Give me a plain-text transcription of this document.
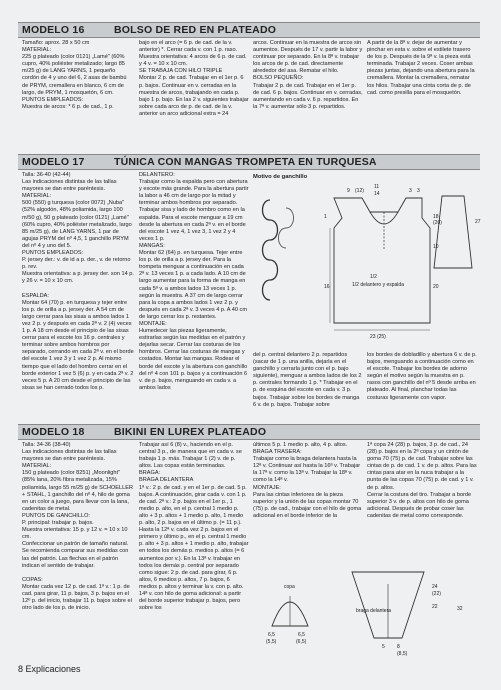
MODELO 16	BOLSO DE RED EN PLATEADO
Tamaño: aprox. 28 x 50 cm
MATERIAL:
225 g plateado (color 0121) „Lamé" (60% cupro, 40% poliéster metalizado; largo 85 m/25 g) de LANG YARNS, 1 pequeño cordón de 4 y uno del 6, 2 asas de bambú de PRYM, cremallera en blanco, 6 cm de largo, de PRYM, 1 mosquetón, 6 cm.
PUNTOS EMPLEADOS:
Muestra de arcos: * 6 p. de cad., 1 p.
bajo en el arco (= 6 p. de cad. de la v. anterior) *. Cerrar cada v. con 1 p. raso.
Muestra orientativa: 4 arcos de 6 p. de cad. y 4 v. = 10 x 10 cm.
SE TRABAJA CON HILO TRIPLE
Montar 2 p. de cad. Trabajar en el 1er p. 6 p. bajos. Continuar en v. cerradas en la muestra de arcos, trabajando en cada p. bajo 1 p. bajo. En las 2 v. siguientes trabajar sobre cada arco de p. de cad. de la v. anterior un arco adicional extra = 24
arcos. Continuar en la muestra de arcos sin aumentos. Después de 17 v. partir la labor y continuar por separado. En la 8ª v. trabajar los arcos de p. de cad. directamente alrededor del asa. Rematar el hilo.
BOLSO PEQUEÑO:
Trabajar 2 p. de cad. Trabajar en el 1er p. de cad. 6 p. bajos. Continuar en v. cerradas, aumentando en cada v. 6 p. repartidos. En la 7ª v. aumentar sólo 3 p. repartidos.
A partir de la 8ª v. dejar de aumentar y pinchar en esta v. sobre el estilete trasero de los p. Después de la 9ª v. la pieza está terminada. Trabajar 2 veces. Coser ambas piezas juntas, dejando una abertura para la cremallera. Montar la cremallera, rematar los hilos. Trabajar una cinta corta de p. de cad. como presilla para el mosquetón.
MODELO 17	TÚNICA CON MANGAS TROMPETA EN TURQUESA
Talla: 36-40 (42-44)
Las indicaciones distintas de las tallas mayores se dan entre paréntesis.
MATERIAL:
500 (550) g turquesa (color 0072) „Nuba" (52% algodón, 48% poliamida, largo 100 m/50 g), 50 g plateado (color 0121) „Lamé" (60% cupro, 40% poliéster metalizado, largo 85 m/25 g), de LANG YARNS, 1 par de agujas PRYM del nº 4,5, 1 ganchillo PRYM del nº 4 y uno del 5.
PUNTOS EMPLEADOS:
P. jersey der.: v. de id a p. der., v. de retorno p. rev.
Muestra orientativa: a p. jersey der. son 14 p. y 26 v. = 10 x 10 cm.

ESPALDA:
Montar 64 (70) p. en turquesa y tejer entre los p. de orilla a p. jersey der. A 54 cm de largo cerrar para las sisas a ambos lados 1 vez 2 p. y después en cada 2ª v. 2 (4) veces 1 p. A 18 cm desde el principio de las sisas cerrar para el escote los 16 p. centrales y terminar sobre ambos hombros por separado, cerrando en cada 2ª v. en el borde del escote 1 vez 3 y 1 vez 2 p. Al mismo tiempo que el lado del hombro cerrar en el borde exterior 1 vez 5 (6) p. y en cada 2ª v. 2 veces 5 p. A 20 cm desde el principio de las sisas se han cerrado todos los p.
DELANTERO:
Trabajar como la espalda pero con abertura y escote más grande. Para la abertura partir la labor a 46 cm de largo por la mitad y terminar ambos hombros por separado. Trabajar sisa y lado de hombro como en la espalda. Para el escote menguar a 19 cm desde la abertura en cada 2ª v. en el borde del escote 1 vez 4, 1 vez 3, 1 vez 2 y 4 veces 1 p.
MANGAS:
Montar 62 (64) p. en turquesa. Tejer entre los p. de orilla a p. jersey der. Para la trompeta menguar a continuación en cada 2ª v. 13 veces 1 p. a cada lado. A 10 cm de largo aumentar para la forma de manga en cada 5ª v. a ambos lados 13 veces 1 p. según la muestra. A 37 cm de largo cerrar para la copa a ambos lados 1 vez 2 p. y después en cada 2ª v. 3 veces 4 p. A 40 cm de largo cerrar los p. restantes.
MONTAJE:
Humedecer las piezas ligeramente, estirarlas según las medidas en el patrón y dejarlas secar. Cerrar las costuras de los hombros. Cerrar las costuras de mangas y costados. Montar las mangas. Rodear el borde del escote y la abertura con ganchillo del nº 4 con 101 p. bajos y a continuación 6 v. de p. bajos, menguando en cada v. a ambos lados
Motivo de ganchillo
9 (12)
11
14	3 3
18
(20)	27
10
20
23 (25)
1
16
1/2
1/2 delantero y espalda
del p. central delantero 2 p. repartidos (sacar de 1 p. una anilla, dejarla en el ganchillo y cerrarla junto con el p. bajo siguiente), menguar a ambos lados de los 2 p. centrales formando 1 p. * Trabajar en el p. de esquina del escote en cada v. 3 p. bajos. Trabajar sobre los bordes de manga 6 v. de p. bajos. Trabajar sobre
los bordes de dobladillo y abertura 6 v. de p. bajos, menguando a continuación como en el escote. Trabajar los bordes de adorno según el motivo según la muestra en p. rasos con ganchillo del nº 5 desde arriba en plateado. Al final, planchar todas las costuras ligeramente con vapor.
MODELO 18	BIKINI EN LUREX PLATEADO
Talla: 34-36 (38-40)
Las indicaciones distintas de las tallas mayores se dan entre paréntesis.
MATERIAL:
150 g plateado (color 8251) „Moonlight" (85% lana, 20% fibra metalizada, 15% poliamida, largo 55 m/25 g) de SCHOELLER + STAHL, 1 ganchillo del nº 4, hilo de goma en un color a juego, para llevar con la lana, cadenitas de metal.
PUNTOS DE GANCHILLO:
P. principal: trabajar p. bajos.
Muestra orientativa: 15 p. y 12 v. = 10 x 10 cm.
Confeccionar un patrón de tamaño natural. Se recomienda comparar sus medidas con las del patrón. Las flechas en el patrón indican el sentido de trabajar.

COPAS:
Montar cada vez 12 p. de cad. 1ª v.: 1 p. de cad. para girar, 11 p. bajos, 3 p. bajos en el 12º p. del inicio, trabajar 11 p. bajos sobre el otro lado de los p. de inicio.
Trabajar así 6 (8) v., haciendo en el p. central 3 p., de manera que en cada v. se trabaja 1 p. más. Trabajar 1 (2) v. de p. altos. Las copas están terminadas.
BRAGA:
BRAGA DELANTERA
1ª v.: 2 p. de cad. y en el 1er p. de cad. 5 p. bajos. A continuación, girar cada v. con 1 p. de cad. 2ª v.: 2 p. bajos en el 1er p., 1 medio p. alto, en el p. central 1 medio p. alto + 3 p. altos + 1 medio p. alto, 1 medio p. alto, 2 p. bajos en el último p. (= 11 p.). Hasta la 12ª v. cada vez 2 p. bajos en el primero y último p., en el p. central 1 medio p. alto + 3 p. altos + 1 medio p. alto, trabajar en todos los demás p. medios p. altos (= 6 aumentos por v.). En la 13ª v. trabajar en todos los demás p. central por separado como sigue: 2 p. de cad. para girar, 6 p. altos, 6 medios p. altos, 7 p. bajos, 6 medios p. altos y terminar la v. con p. alto. 14ª v. con hilo de goma adicional: a partir del borde superior trabajar p. bajos, pero sobre los
últimos 5 p. 1 medio p. alto, 4 p. altos.
BRAGA TRASERA:
Trabajar como la braga delantera hasta la 12ª v. Continuar así hasta la 16ª v. Trabajar la 17ª v. como la 13ª v. Trabajar la 18ª v. como la 14ª v.
MONTAJE:
Para las cintas inferiores de la pieza superior y la unión de las copas montar 70 (75) p. de cad., trabajar con el hilo de goma adicional en el borde inferior de la
1ª copa 24 (28) p. bajos, 3 p. de cad., 24 (28) p. bajos en la 2ª copa y un cintón de goma 70 (75) p. de cad. Trabajar sobre las cintas de p. de cad. 1 v. de p. altos. Para las cintas para atar en la nuca trabajar a la punta de las copas 70 (75) p. de cad. y 1 v. de p. altos.
Cerrar la costura del tiro. Trabajar a borde superior 3 v. de p. altos con hilo de goma adicional. Después de probar coser las cadenitas de metal como corresponde.
copa
6,5
(5,5)
6,5
(6,5)
braga delantera
24
(22)
22	32
5 8
(8,5)
8 Explicaciones
